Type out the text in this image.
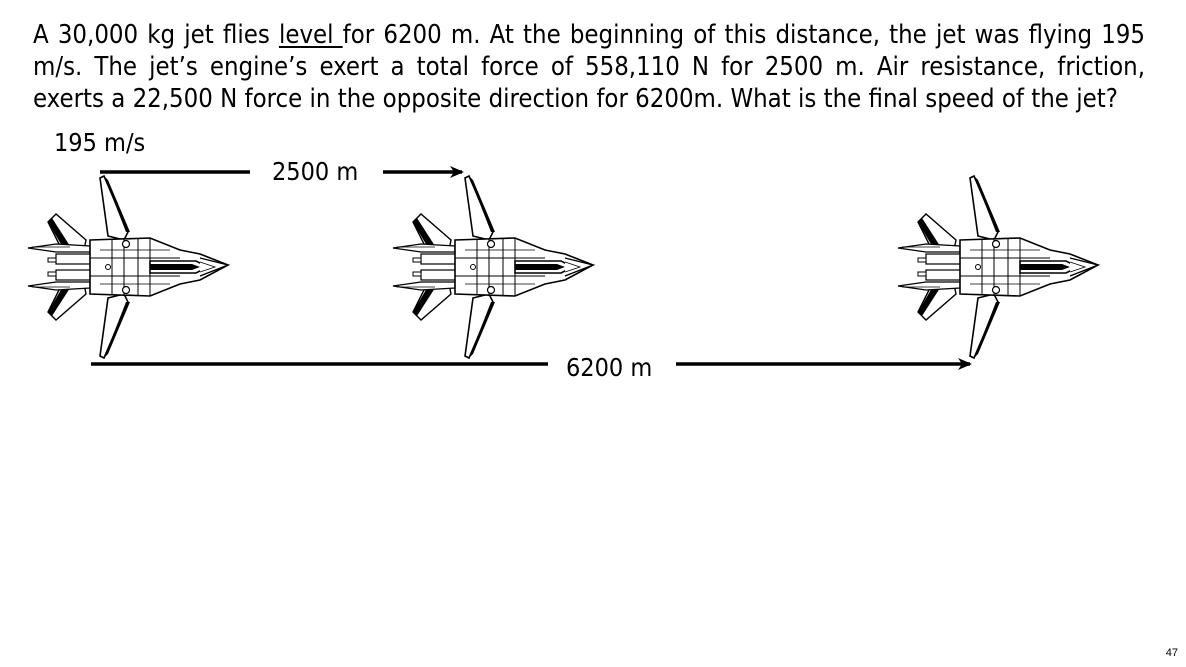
A 30,000 kg jet flies level for 6200 m. At the beginning of this distance, the jet was flying 195 m/s. The jet’s engine’s exert a total force of 558,110 N for 2500 m. Air resistance, friction, exerts a 22,500 N force in the opposite direction for 6200m. What is the final speed of the jet?

195 m/s
2500 m
6200 m
47
